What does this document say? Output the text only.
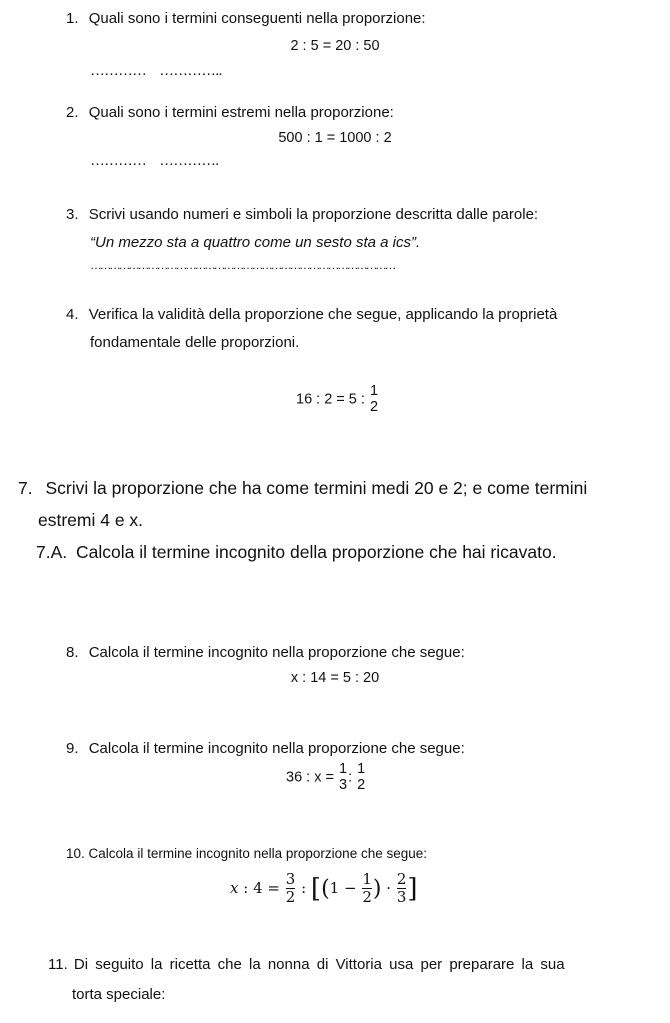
1. Quali sono i termini conseguenti nella proporzione:
2 : 5 = 20 : 50
………… …………..
2. Quali sono i termini estremi nella proporzione:
500 : 1 = 1000 : 2
………… ………….
3. Scrivi usando numeri e simboli la proporzione descritta dalle parole:
“Un mezzo sta a quattro come un sesto sta a ics”.
……………………………………………………………………………………
4. Verifica la validità della proporzione che segue, applicando la proprietà
fondamentale delle proporzioni.
16 : 2 = 5 :
1
2
7. Scrivi la proporzione che ha come termini medi 20 e 2; e come termini
estremi 4 e x.
7.A. Calcola il termine incognito della proporzione che hai ricavato.
8. Calcola il termine incognito nella proporzione che segue:
x : 14 = 5 : 20
9. Calcola il termine incognito nella proporzione che segue:
36 : x =
1
3 :
1
2
10. Calcola il termine incognito nella proporzione che segue:
x : $4 = \frac{3}{2}$ : [($1 - \frac{1}{2}$ ) · $\frac{2}{3}$ ]
11. Di seguito la ricetta che la nonna di Vittoria usa per preparare la sua
torta speciale:
